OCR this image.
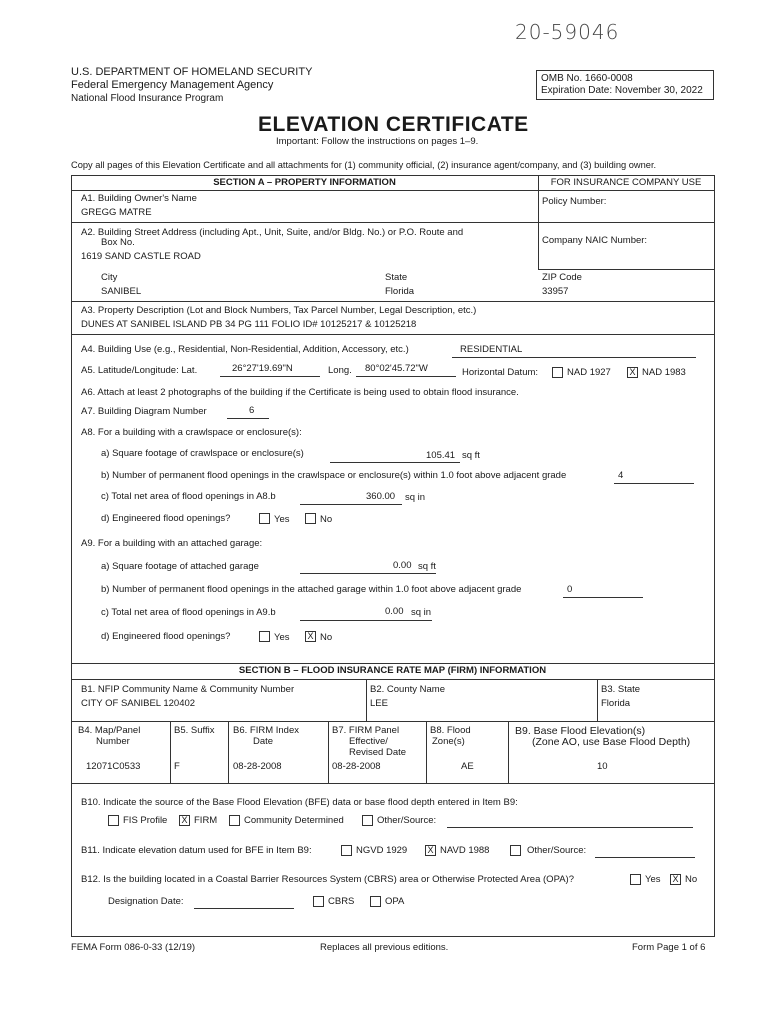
20-59046
U.S. DEPARTMENT OF HOMELAND SECURITY
Federal Emergency Management Agency
National Flood Insurance Program
OMB No. 1660-0008
Expiration Date: November 30, 2022
ELEVATION CERTIFICATE
Important: Follow the instructions on pages 1–9.
Copy all pages of this Elevation Certificate and all attachments for (1) community official, (2) insurance agent/company, and (3) building owner.
SECTION A – PROPERTY INFORMATION	FOR INSURANCE COMPANY USE
A1. Building Owner's Name
GREGG MATRE
Policy Number:
A2. Building Street Address (including Apt., Unit, Suite, and/or Bldg. No.) or P.O. Route and
Box No.
1619 SAND CASTLE ROAD
Company NAIC Number:
City
SANIBEL
State
Florida
ZIP Code
33957
A3. Property Description (Lot and Block Numbers, Tax Parcel Number, Legal Description, etc.)
DUNES AT SANIBEL ISLAND PB 34 PG 111 FOLIO ID# 10125217 & 10125218
A4. Building Use (e.g., Residential, Non-Residential, Addition, Accessory, etc.)	RESIDENTIAL
A5. Latitude/Longitude: Lat.	26°27'19.69"N	Long. 80°02'45.72"W	Horizontal Datum:	NAD 1927 X NAD 1983
A6. Attach at least 2 photographs of the building if the Certificate is being used to obtain flood insurance.
A7. Building Diagram Number	6
A8. For a building with a crawlspace or enclosure(s):
a) Square footage of crawlspace or enclosure(s)	105.41 sq ft
b) Number of permanent flood openings in the crawlspace or enclosure(s) within 1.0 foot above adjacent grade	4
c) Total net area of flood openings in A8.b	360.00 sq in
d) Engineered flood openings?	Yes	No
A9. For a building with an attached garage:
a) Square footage of attached garage	0.00 sq ft
b) Number of permanent flood openings in the attached garage within 1.0 foot above adjacent grade	0
c) Total net area of flood openings in A9.b	0.00 sq in
d) Engineered flood openings?	Yes X No
SECTION B – FLOOD INSURANCE RATE MAP (FIRM) INFORMATION
B1. NFIP Community Name & Community Number
CITY OF SANIBEL 120402
B2. County Name
LEE
B3. State
Florida
B4. Map/Panel
Number
12071C0533
B5. Suffix
F
B6. FIRM Index
Date
08-28-2008
B7. FIRM Panel
Effective/
Revised Date
08-28-2008
B8. Flood
Zone(s)
AE
B9. Base Flood Elevation(s)
(Zone AO, use Base Flood Depth)
10
B10. Indicate the source of the Base Flood Elevation (BFE) data or base flood depth entered in Item B9:
FIS Profile X FIRM	Community Determined	Other/Source:
B11. Indicate elevation datum used for BFE in Item B9:	NGVD 1929 X NAVD 1988	Other/Source:
B12. Is the building located in a Coastal Barrier Resources System (CBRS) area or Otherwise Protected Area (OPA)?	Yes X No
Designation Date:	CBRS	OPA
FEMA Form 086-0-33 (12/19)	Replaces all previous editions.	Form Page 1 of 6
